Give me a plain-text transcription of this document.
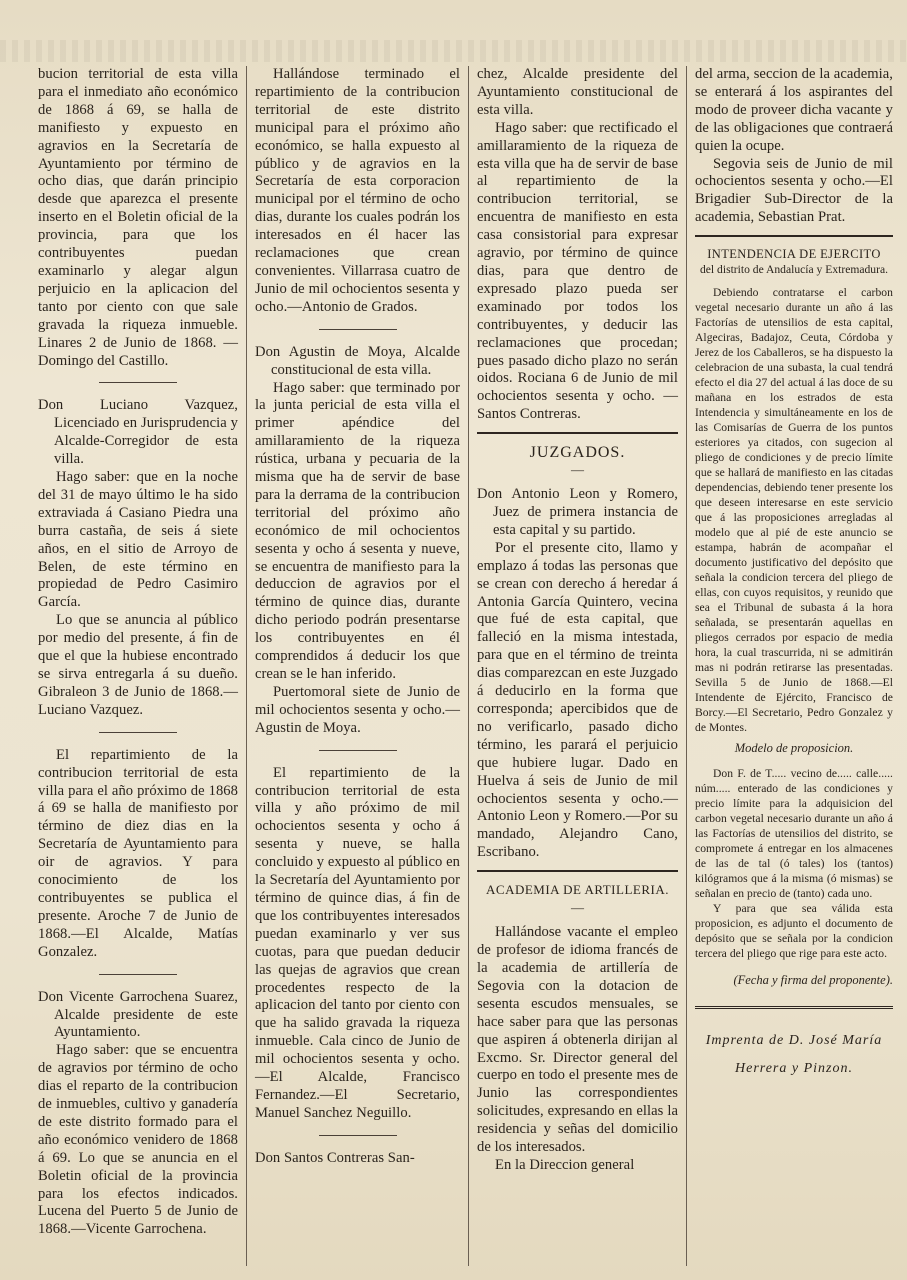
bucion territorial de esta villa para el inmediato año económico de 1868 á 69, se halla de manifiesto y expuesto en agravios en la Secretaría de Ayuntamiento por término de ocho dias, que darán principio desde que aparezca el presente inserto en el Boletin oficial de la provincia, para que los contribuyentes puedan examinarlo y alegar algun perjuicio en la aplicacion del tanto por ciento con que sale gravada la riqueza inmueble. Linares 2 de Junio de 1868. —Domingo del Castillo.

Don Luciano Vazquez, Licenciado en Jurisprudencia y Alcalde-Corregidor de esta villa.

Hago saber: que en la noche del 31 de mayo último le ha sido extraviada á Casiano Piedra una burra castaña, de seis á siete años, en el sitio de Arroyo de Belen, de este término en propiedad de Pedro Casimiro García.

Lo que se anuncia al público por medio del presente, á fin de que el que la hubiese encontrado se sirva entregarla á su dueño. Gibraleon 3 de Junio de 1868.—Luciano Vazquez.

El repartimiento de la contribucion territorial de esta villa para el año próximo de 1868 á 69 se halla de manifiesto por término de diez dias en la Secretaría de Ayuntamiento para oir de agravios. Y para conocimiento de los contribuyentes se publica el presente. Aroche 7 de Junio de 1868.—El Alcalde, Matías Gonzalez.

Don Vicente Garrochena Suarez, Alcalde presidente de este Ayuntamiento.

Hago saber: que se encuentra de agravios por término de ocho dias el reparto de la contribucion de inmuebles, cultivo y ganadería de este distrito formado para el año económico venidero de 1868 á 69. Lo que se anuncia en el Boletin oficial de la provincia para los efectos indicados. Lucena del Puerto 5 de Junio de 1868.—Vicente Garrochena.

Hallándose terminado el repartimiento de la contribucion territorial de este distrito municipal para el próximo año económico, se halla expuesto al público y de agravios en la Secretaría de esta corporacion municipal por el término de ocho dias, durante los cuales podrán los interesados en él hacer las reclamaciones que crean convenientes. Villarrasa cuatro de Junio de mil ochocientos sesenta y ocho.—Antonio de Grados.

Don Agustin de Moya, Alcalde constitucional de esta villa.

Hago saber: que terminado por la junta pericial de esta villa el primer apéndice del amillaramiento de la riqueza rústica, urbana y pecuaria de la misma que ha de servir de base para la derrama de la contribucion territorial del próximo año económico de mil ochocientos sesenta y ocho á sesenta y nueve, se encuentra de manifiesto para la deduccion de agravios por el término de quince dias, durante dicho periodo podrán presentarse los contribuyentes en él comprendidos á deducir los que crean se le han inferido.

Puertomoral siete de Junio de mil ochocientos sesenta y ocho.—Agustin de Moya.

El repartimiento de la contribucion territorial de esta villa y año próximo de mil ochocientos sesenta y ocho á sesenta y nueve, se halla concluido y expuesto al público en la Secretaría del Ayuntamiento por término de quince dias, á fin de que los contribuyentes interesados puedan examinarlo y ver sus cuotas, para que puedan deducir las quejas de agravios que crean procedentes respecto de la aplicacion del tanto por ciento con que ha salido gravada la riqueza inmueble. Cala cinco de Junio de mil ochocientos sesenta y ocho. —El Alcalde, Francisco Fernandez.—El Secretario, Manuel Sanchez Neguillo.

Don Santos Contreras San-

chez, Alcalde presidente del Ayuntamiento constitucional de esta villa.

Hago saber: que rectificado el amillaramiento de la riqueza de esta villa que ha de servir de base al repartimiento de la contribucion territorial, se encuentra de manifiesto en esta casa consistorial para expresar agravio, por término de quince dias, para que dentro de expresado plazo pueda ser examinado por todos los contribuyentes, y deducir las reclamaciones que procedan; pues pasado dicho plazo no serán oidos. Rociana 6 de Junio de mil ochocientos sesenta y ocho. —Santos Contreras.

JUZGADOS.
—

Don Antonio Leon y Romero, Juez de primera instancia de esta capital y su partido.

Por el presente cito, llamo y emplazo á todas las personas que se crean con derecho á heredar á Antonia García Quintero, vecina que fué de esta capital, que falleció en la misma intestada, para que en el término de treinta dias comparezcan en este Juzgado á deducirlo en la forma que corresponda; apercibidos que de no verificarlo, pasado dicho término, les parará el perjuicio que hubiere lugar. Dado en Huelva á seis de Junio de mil ochocientos sesenta y ocho.—Antonio Leon y Romero.—Por su mandado, Alejandro Cano, Escribano.

ACADEMIA DE ARTILLERIA.
—

Hallándose vacante el empleo de profesor de idioma francés de la academia de artillería de Segovia con la dotacion de sesenta escudos mensuales, se hace saber para que las personas que aspiren á obtenerla dirijan al Excmo. Sr. Director general del cuerpo en todo el presente mes de Junio las correspondientes solicitudes, expresando en ellas la residencia y señas del domicilio de los interesados.

En la Direccion general

del arma, seccion de la academia, se enterará á los aspirantes del modo de proveer dicha vacante y de las obligaciones que contraerá quien la ocupe.

Segovia seis de Junio de mil ochocientos sesenta y ocho.—El Brigadier Sub-Director de la academia, Sebastian Prat.

INTENDENCIA DE EJERCITO
del distrito de Andalucía y Extremadura.

Debiendo contratarse el carbon vegetal necesario durante un año á las Factorías de utensilios de esta capital, Algeciras, Badajoz, Ceuta, Córdoba y Jerez de los Caballeros, se ha dispuesto la celebracion de una subasta, la cual tendrá efecto el dia 27 del actual á las doce de su mañana en los estrados de esta Intendencia y simultáneamente en los de las Comisarías de Guerra de los puntos esteriores ya citados, con sugecion al pliego de condiciones y de precio límite que se hallará de manifiesto en las citadas dependencias, debiendo tener presente los que deseen interesarse en este servicio que á las proposiciones arregladas al modelo que al pié de este anuncio se estampa, habrán de acompañar el documento justificativo del depósito que señala la condicion tercera del pliego de ellas, con cuyos requisitos, y reunido que sea el Tribunal de subasta á la hora señalada, se presentarán aquellas en pliegos cerrados por espacio de media hora, la cual trascurrida, ni se admitirán mas ni podrán retirarse las presentadas. Sevilla 5 de Junio de 1868.—El Intendente de Ejército, Francisco de Borcy.—El Secretario, Pedro Gonzalez y de Montes.

Modelo de proposicion.

Don F. de T..... vecino de..... calle..... núm..... enterado de las condiciones y precio límite para la adquisicion del carbon vegetal necesario durante un año á las Factorías de utensilios del distrito, se compromete á entregar en los almacenes de las de tal (ó tales) los (tantos) kilógramos que á la misma (ó mismas) se señalan en precio de (tanto) cada uno.

Y para que sea válida esta proposicion, es adjunto el documento de depósito que se señala por la condicion tercera del pliego que rige para este acto.

(Fecha y firma del proponente).
Imprenta de D. José María
Herrera y Pinzon.
